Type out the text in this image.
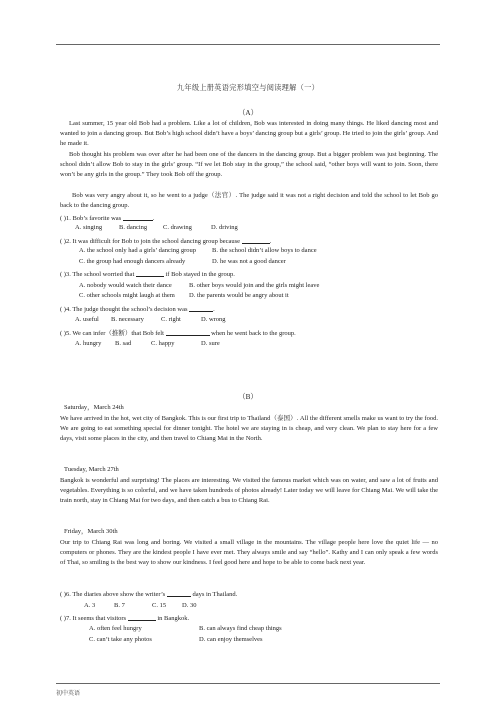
九年级上册英语完形填空与阅读理解（一）
（A）

Last summer, 15 year old Bob had a problem. Like a lot of children, Bob was interested in doing many things. He liked dancing most and wanted to join a dancing group. But Bob’s high school didn’t have a boys’ dancing group but a girls’ group. He tried to join the girls’ group. And he made it.

Bob thought his problem was over after he had been one of the dancers in the dancing group. But a bigger problem was just beginning. The school didn’t allow Bob to stay in the girls’ group. “If we let Bob stay in the group,” the school said, “other boys will want to join. Soon, there won’t be any girls in the group.” They took Bob off the group.

Bob was very angry about it, so he went to a judge（法官）. The judge said it was not a right decision and told the school to let Bob go back to the dancing group.

( )1. Bob’s favorite was	.
A. singing	B. dancing C. drawing	D. driving
( )2. It was difficult for Bob to join the school dancing group because	.
A. the school only had a girls’ dancing group B. the school didn’t allow boys to dance
C. the group had enough dancers already	D. he was not a good dancer
( )3. The school worried that	if Bob stayed in the group.
A. nobody would watch their dance	B. other boys would join and the girls might leave
C. other schools might laugh at them D. the parents would be angry about it
( )4. The judge thought the school’s decision was	.
A. useful B. necessary	C. right	D. wrong
( )5. We can infer（推断）that Bob felt	when he went back to the group.
A. hungry B. sad	C. happy	D. sure
（B）
Saturday，March 24th

We have arrived in the hot, wet city of Bangkok. This is our first trip to Thailand（泰国）. All the different smells make us want to try the food. We are going to eat something special for dinner tonight. The hotel we are staying in is cheap, and very clean. We plan to stay here for a few days, visit some places in the city, and then travel to Chiang Mai in the North.

Tuesday, March 27th

Bangkok is wonderful and surprising! The places are interesting. We visited the famous market which was on water, and saw a lot of fruits and vegetables. Everything is so colorful, and we have taken hundreds of photos already! Later today we will leave for Chiang Mai. We will take the train north, stay in Chiang Mai for two days, and then catch a bus to Chiang Rai.

Friday，March 30th

Our trip to Chiang Rai was long and boring. We visited a small village in the mountains. The village people here love the quiet life — no computers or phones. They are the kindest people I have ever met. They always smile and say “hello”. Kathy and I can only speak a few words of Thai, so smiling is the best way to show our kindness. I feel good here and hope to be able to come back next year.

( )6. The diaries above show the writer’s	days in Thailand.
A. 3	B. 7	C. 15 D. 30
( )7. It seems that visitors	in Bangkok.
A. often feel hungry	B. can always find cheap things
C. can’t take any photos	D. can enjoy themselves
初中英语
